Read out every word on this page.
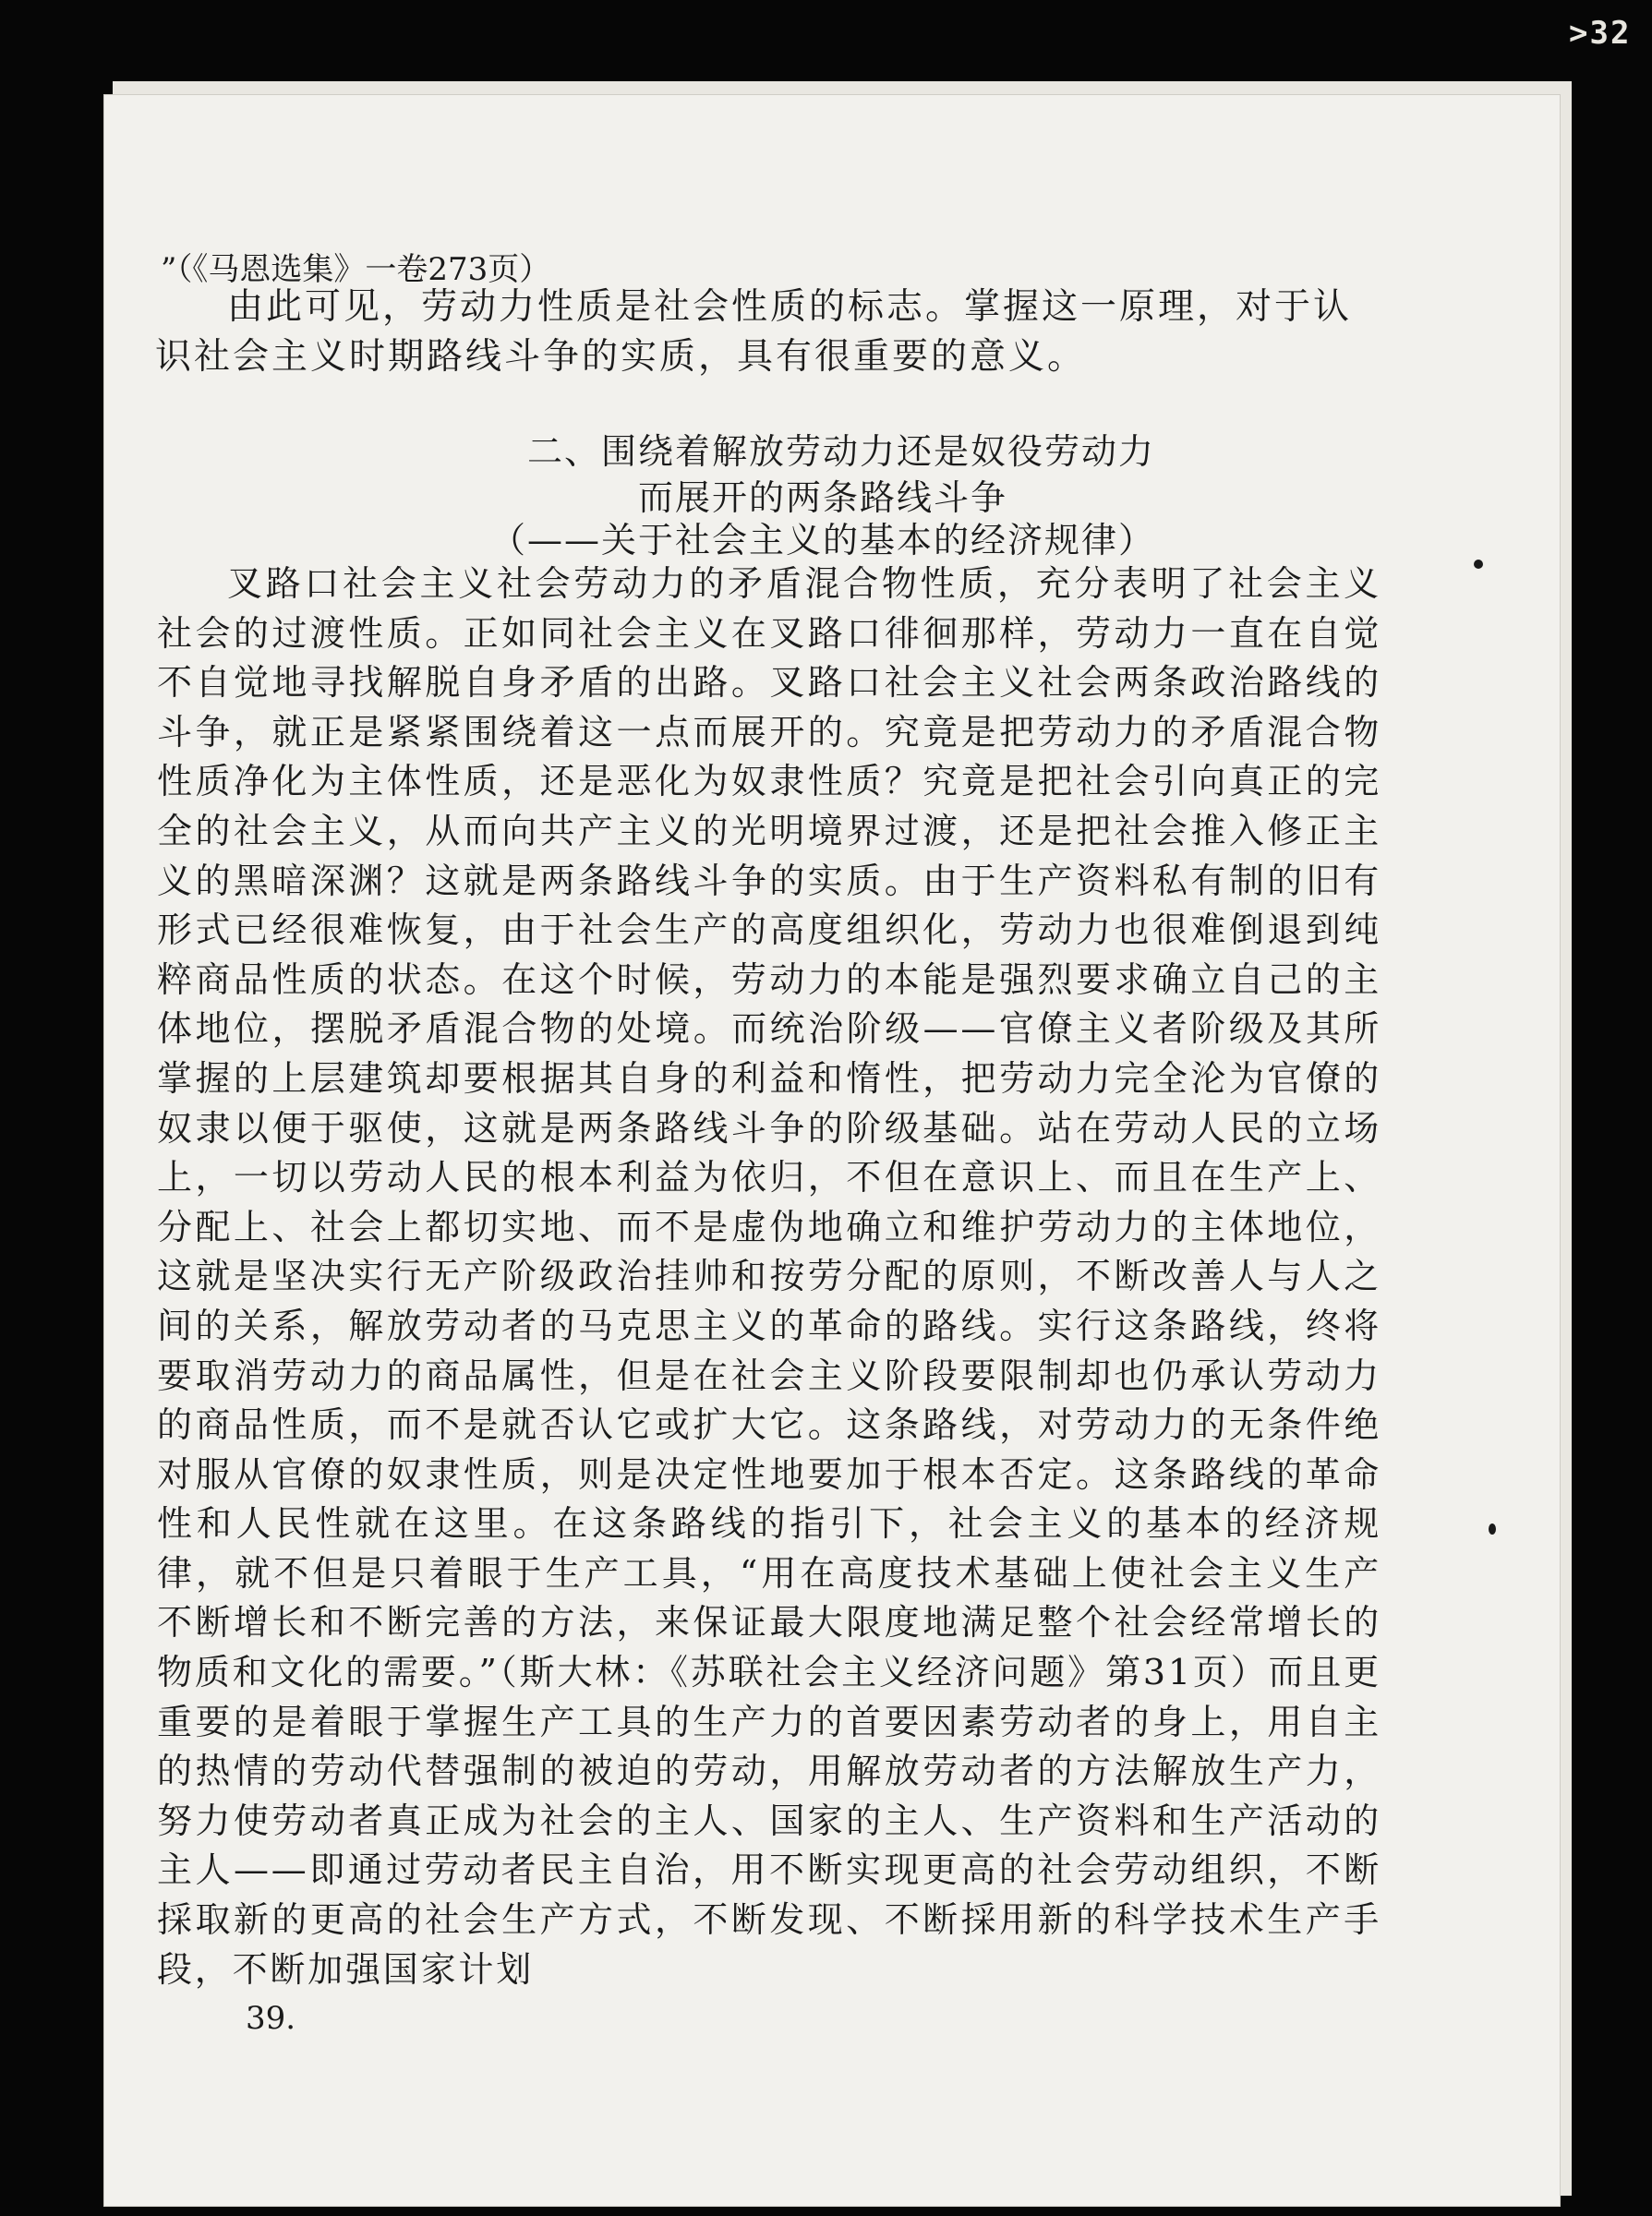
>32
”（《马恩选集》一卷273页）
由此可见，劳动力性质是社会性质的标志。掌握这一原理，对于认识社会主义时期路线斗争的实质，具有很重要的意义。
二、围绕着解放劳动力还是奴役劳动力
而展开的两条路线斗争
（——关于社会主义的基本的经济规律）
叉路口社会主义社会劳动力的矛盾混合物性质，充分表明了社会主义社会的过渡性质。正如同社会主义在叉路口徘徊那样，劳动力一直在自觉不自觉地寻找解脱自身矛盾的出路。叉路口社会主义社会两条政治路线的斗争，就正是紧紧围绕着这一点而展开的。究竟是把劳动力的矛盾混合物性质净化为主体性质，还是恶化为奴隶性质？究竟是把社会引向真正的完全的社会主义，从而向共产主义的光明境界过渡，还是把社会推入修正主义的黑暗深渊？这就是两条路线斗争的实质。由于生产资料私有制的旧有形式已经很难恢复，由于社会生产的高度组织化，劳动力也很难倒退到纯粹商品性质的状态。在这个时候，劳动力的本能是强烈要求确立自己的主体地位，摆脱矛盾混合物的处境。而统治阶级——官僚主义者阶级及其所掌握的上层建筑却要根据其自身的利益和惰性，把劳动力完全沦为官僚的奴隶以便于驱使，这就是两条路线斗争的阶级基础。站在劳动人民的立场上，一切以劳动人民的根本利益为依归，不但在意识上、而且在生产上、分配上、社会上都切实地、而不是虚伪地确立和维护劳动力的主体地位，这就是坚决实行无产阶级政治挂帅和按劳分配的原则，不断改善人与人之间的关系，解放劳动者的马克思主义的革命的路线。实行这条路线，终将要取消劳动力的商品属性，但是在社会主义阶段要限制却也仍承认劳动力的商品性质，而不是就否认它或扩大它。这条路线，对劳动力的无条件绝对服从官僚的奴隶性质，则是决定性地要加于根本否定。这条路线的革命性和人民性就在这里。在这条路线的指引下，社会主义的基本的经济规律，就不但是只着眼于生产工具，“用在高度技术基础上使社会主义生产不断增长和不断完善的方法，来保证最大限度地满足整个社会经常增长的物质和文化的需要。”（斯大林：《苏联社会主义经济问题》第31页）而且更重要的是着眼于掌握生产工具的生产力的首要因素劳动者的身上，用自主的热情的劳动代替强制的被迫的劳动，用解放劳动者的方法解放生产力，努力使劳动者真正成为社会的主人、国家的主人、生产资料和生产活动的主人——即通过劳动者民主自治，用不断实现更高的社会劳动组织，不断採取新的更高的社会生产方式，不断发现、不断採用新的科学技术生产手段，不断加强国家计划
39.
